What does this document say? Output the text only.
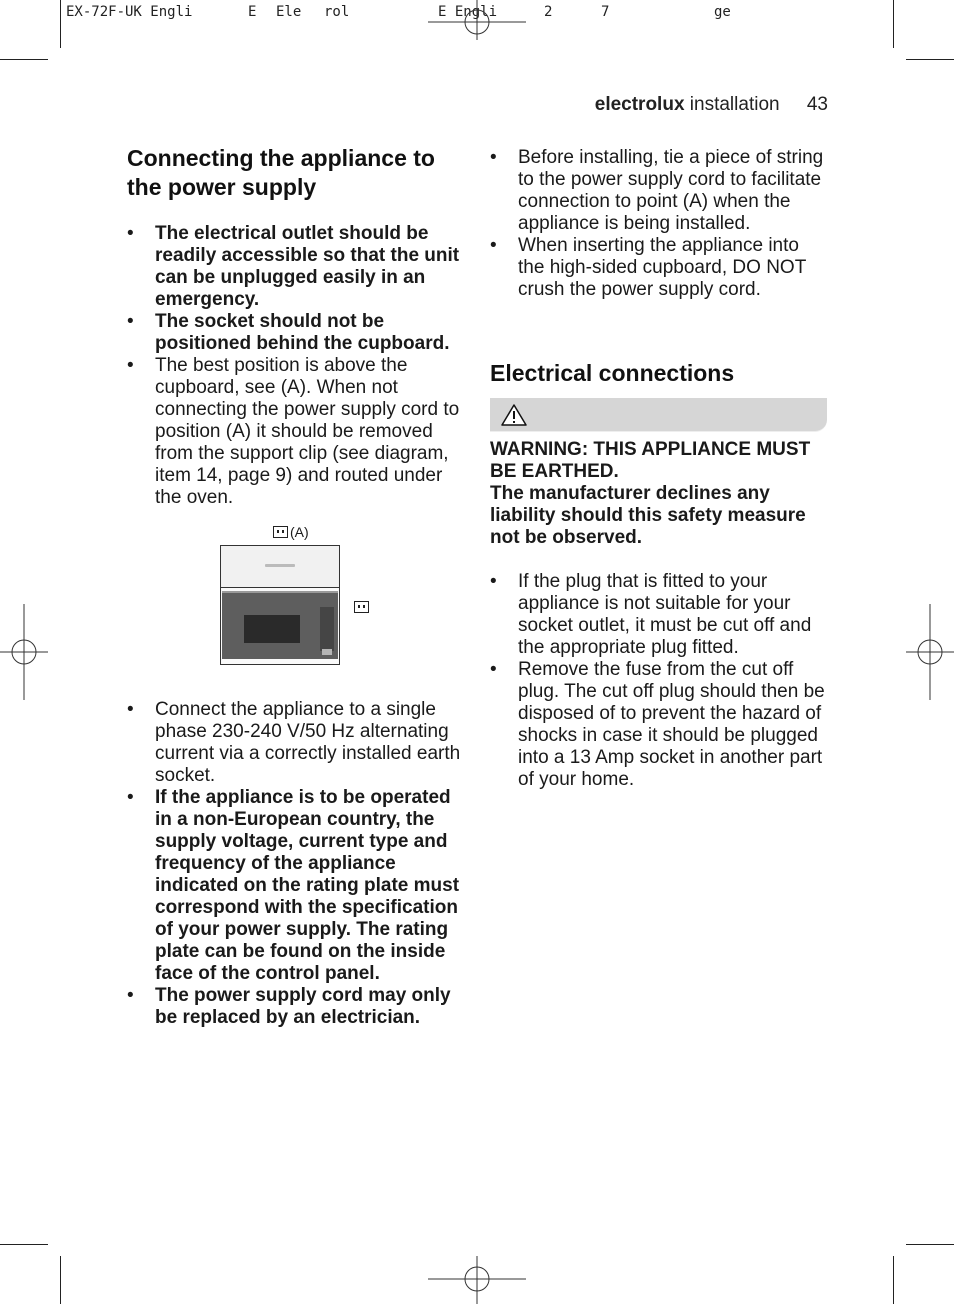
EX-72F-UK Engli

	E

Ele

rol

	E Engli

	2

	7

	ge

electrolux installation 43
Connecting the appliance to the power supply
• The electrical outlet should be readily accessible so that the unit can be unplugged easily in an emergency.
• The socket should not be positioned behind the cupboard.
• The best position is above the cupboard, see (A). When not connecting the power supply cord to position (A) it should be removed from the support clip (see diagram, item 14, page 9) and routed under the oven.
(A)
• Connect the appliance to a single phase 230-240 V/50 Hz alternating current via a correctly installed earth socket.
• If the appliance is to be operated in a non-European country, the supply voltage, current type and frequency of the appliance indicated on the rating plate must correspond with the specification of your power supply. The rating plate can be found on the inside face of the control panel.
• The power supply cord may only be replaced by an electrician.
• Before installing, tie a piece of string to the power supply cord to facilitate connection to point (A) when the appliance is being installed.
• When inserting the appliance into the high-sided cupboard, DO NOT crush the power supply cord.
Electrical connections

WARNING: THIS APPLIANCE MUST BE EARTHED.

The manufacturer declines any liability should this safety measure not be observed.

• If the plug that is fitted to your appliance is not suitable for your socket outlet, it must be cut off and the appropriate plug fitted.
• Remove the fuse from the cut off plug. The cut off plug should then be disposed of to prevent the hazard of shocks in case it should be plugged into a 13 Amp socket in another part of your home.
